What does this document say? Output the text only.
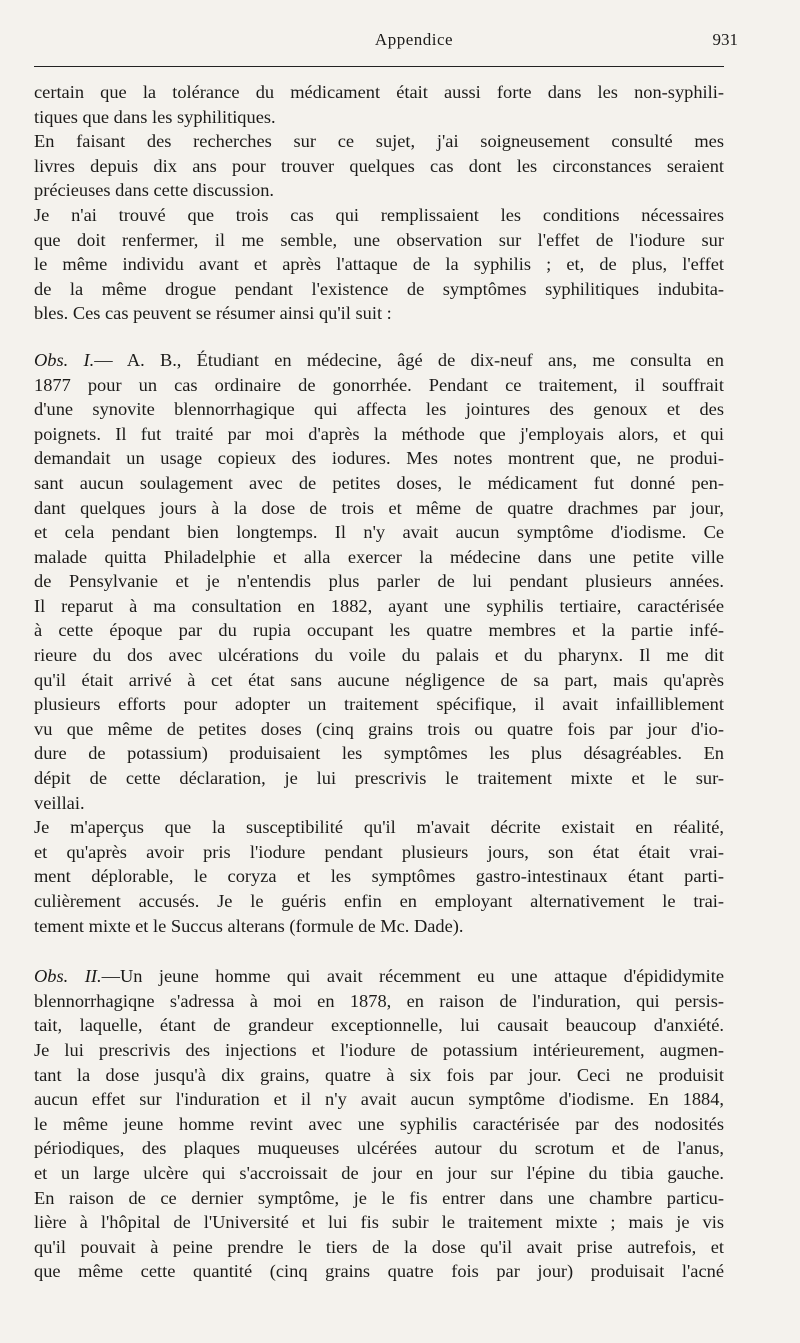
Appendice	931

certain que la tolérance du médicament était aussi forte dans les non-syphili-
tiques que dans les syphilitiques.

En faisant des recherches sur ce sujet, j'ai soigneusement consulté mes
livres depuis dix ans pour trouver quelques cas dont les circonstances seraient
précieuses dans cette discussion.

Je n'ai trouvé que trois cas qui remplissaient les conditions nécessaires
que doit renfermer, il me semble, une observation sur l'effet de l'iodure sur
le même individu avant et après l'attaque de la syphilis ; et, de plus, l'effet
de la même drogue pendant l'existence de symptômes syphilitiques indubita-
bles. Ces cas peuvent se résumer ainsi qu'il suit :

Obs. I.— A. B., Étudiant en médecine, âgé de dix-neuf ans, me consulta en
1877 pour un cas ordinaire de gonorrhée. Pendant ce traitement, il souffrait
d'une synovite blennorrhagique qui affecta les jointures des genoux et des
poignets. Il fut traité par moi d'après la méthode que j'employais alors, et qui
demandait un usage copieux des iodures. Mes notes montrent que, ne produi-
sant aucun soulagement avec de petites doses, le médicament fut donné pen-
dant quelques jours à la dose de trois et même de quatre drachmes par jour,
et cela pendant bien longtemps. Il n'y avait aucun symptôme d'iodisme. Ce
malade quitta Philadelphie et alla exercer la médecine dans une petite ville
de Pensylvanie et je n'entendis plus parler de lui pendant plusieurs années.
Il reparut à ma consultation en 1882, ayant une syphilis tertiaire, caractérisée
à cette époque par du rupia occupant les quatre membres et la partie infé-
rieure du dos avec ulcérations du voile du palais et du pharynx. Il me dit
qu'il était arrivé à cet état sans aucune négligence de sa part, mais qu'après
plusieurs efforts pour adopter un traitement spécifique, il avait infailliblement
vu que même de petites doses (cinq grains trois ou quatre fois par jour d'io-
dure de potassium) produisaient les symptômes les plus désagréables. En
dépit de cette déclaration, je lui prescrivis le traitement mixte et le sur-
veillai.

Je m'aperçus que la susceptibilité qu'il m'avait décrite existait en réalité,
et qu'après avoir pris l'iodure pendant plusieurs jours, son état était vrai-
ment déplorable, le coryza et les symptômes gastro-intestinaux étant parti-
culièrement accusés. Je le guéris enfin en employant alternativement le trai-
tement mixte et le Succus alterans (formule de Mc. Dade).

Obs. II.—Un jeune homme qui avait récemment eu une attaque d'épididymite
blennorrhagiqne s'adressa à moi en 1878, en raison de l'induration, qui persis-
tait, laquelle, étant de grandeur exceptionnelle, lui causait beaucoup d'anxiété.
Je lui prescrivis des injections et l'iodure de potassium intérieurement, augmen-
tant la dose jusqu'à dix grains, quatre à six fois par jour. Ceci ne produisit
aucun effet sur l'induration et il n'y avait aucun symptôme d'iodisme. En 1884,
le même jeune homme revint avec une syphilis caractérisée par des nodosités
périodiques, des plaques muqueuses ulcérées autour du scrotum et de l'anus,
et un large ulcère qui s'accroissait de jour en jour sur l'épine du tibia gauche.
En raison de ce dernier symptôme, je le fis entrer dans une chambre particu-
lière à l'hôpital de l'Université et lui fis subir le traitement mixte ; mais je vis
qu'il pouvait à peine prendre le tiers de la dose qu'il avait prise autrefois, et
que même cette quantité (cinq grains quatre fois par jour) produisait l'acné
